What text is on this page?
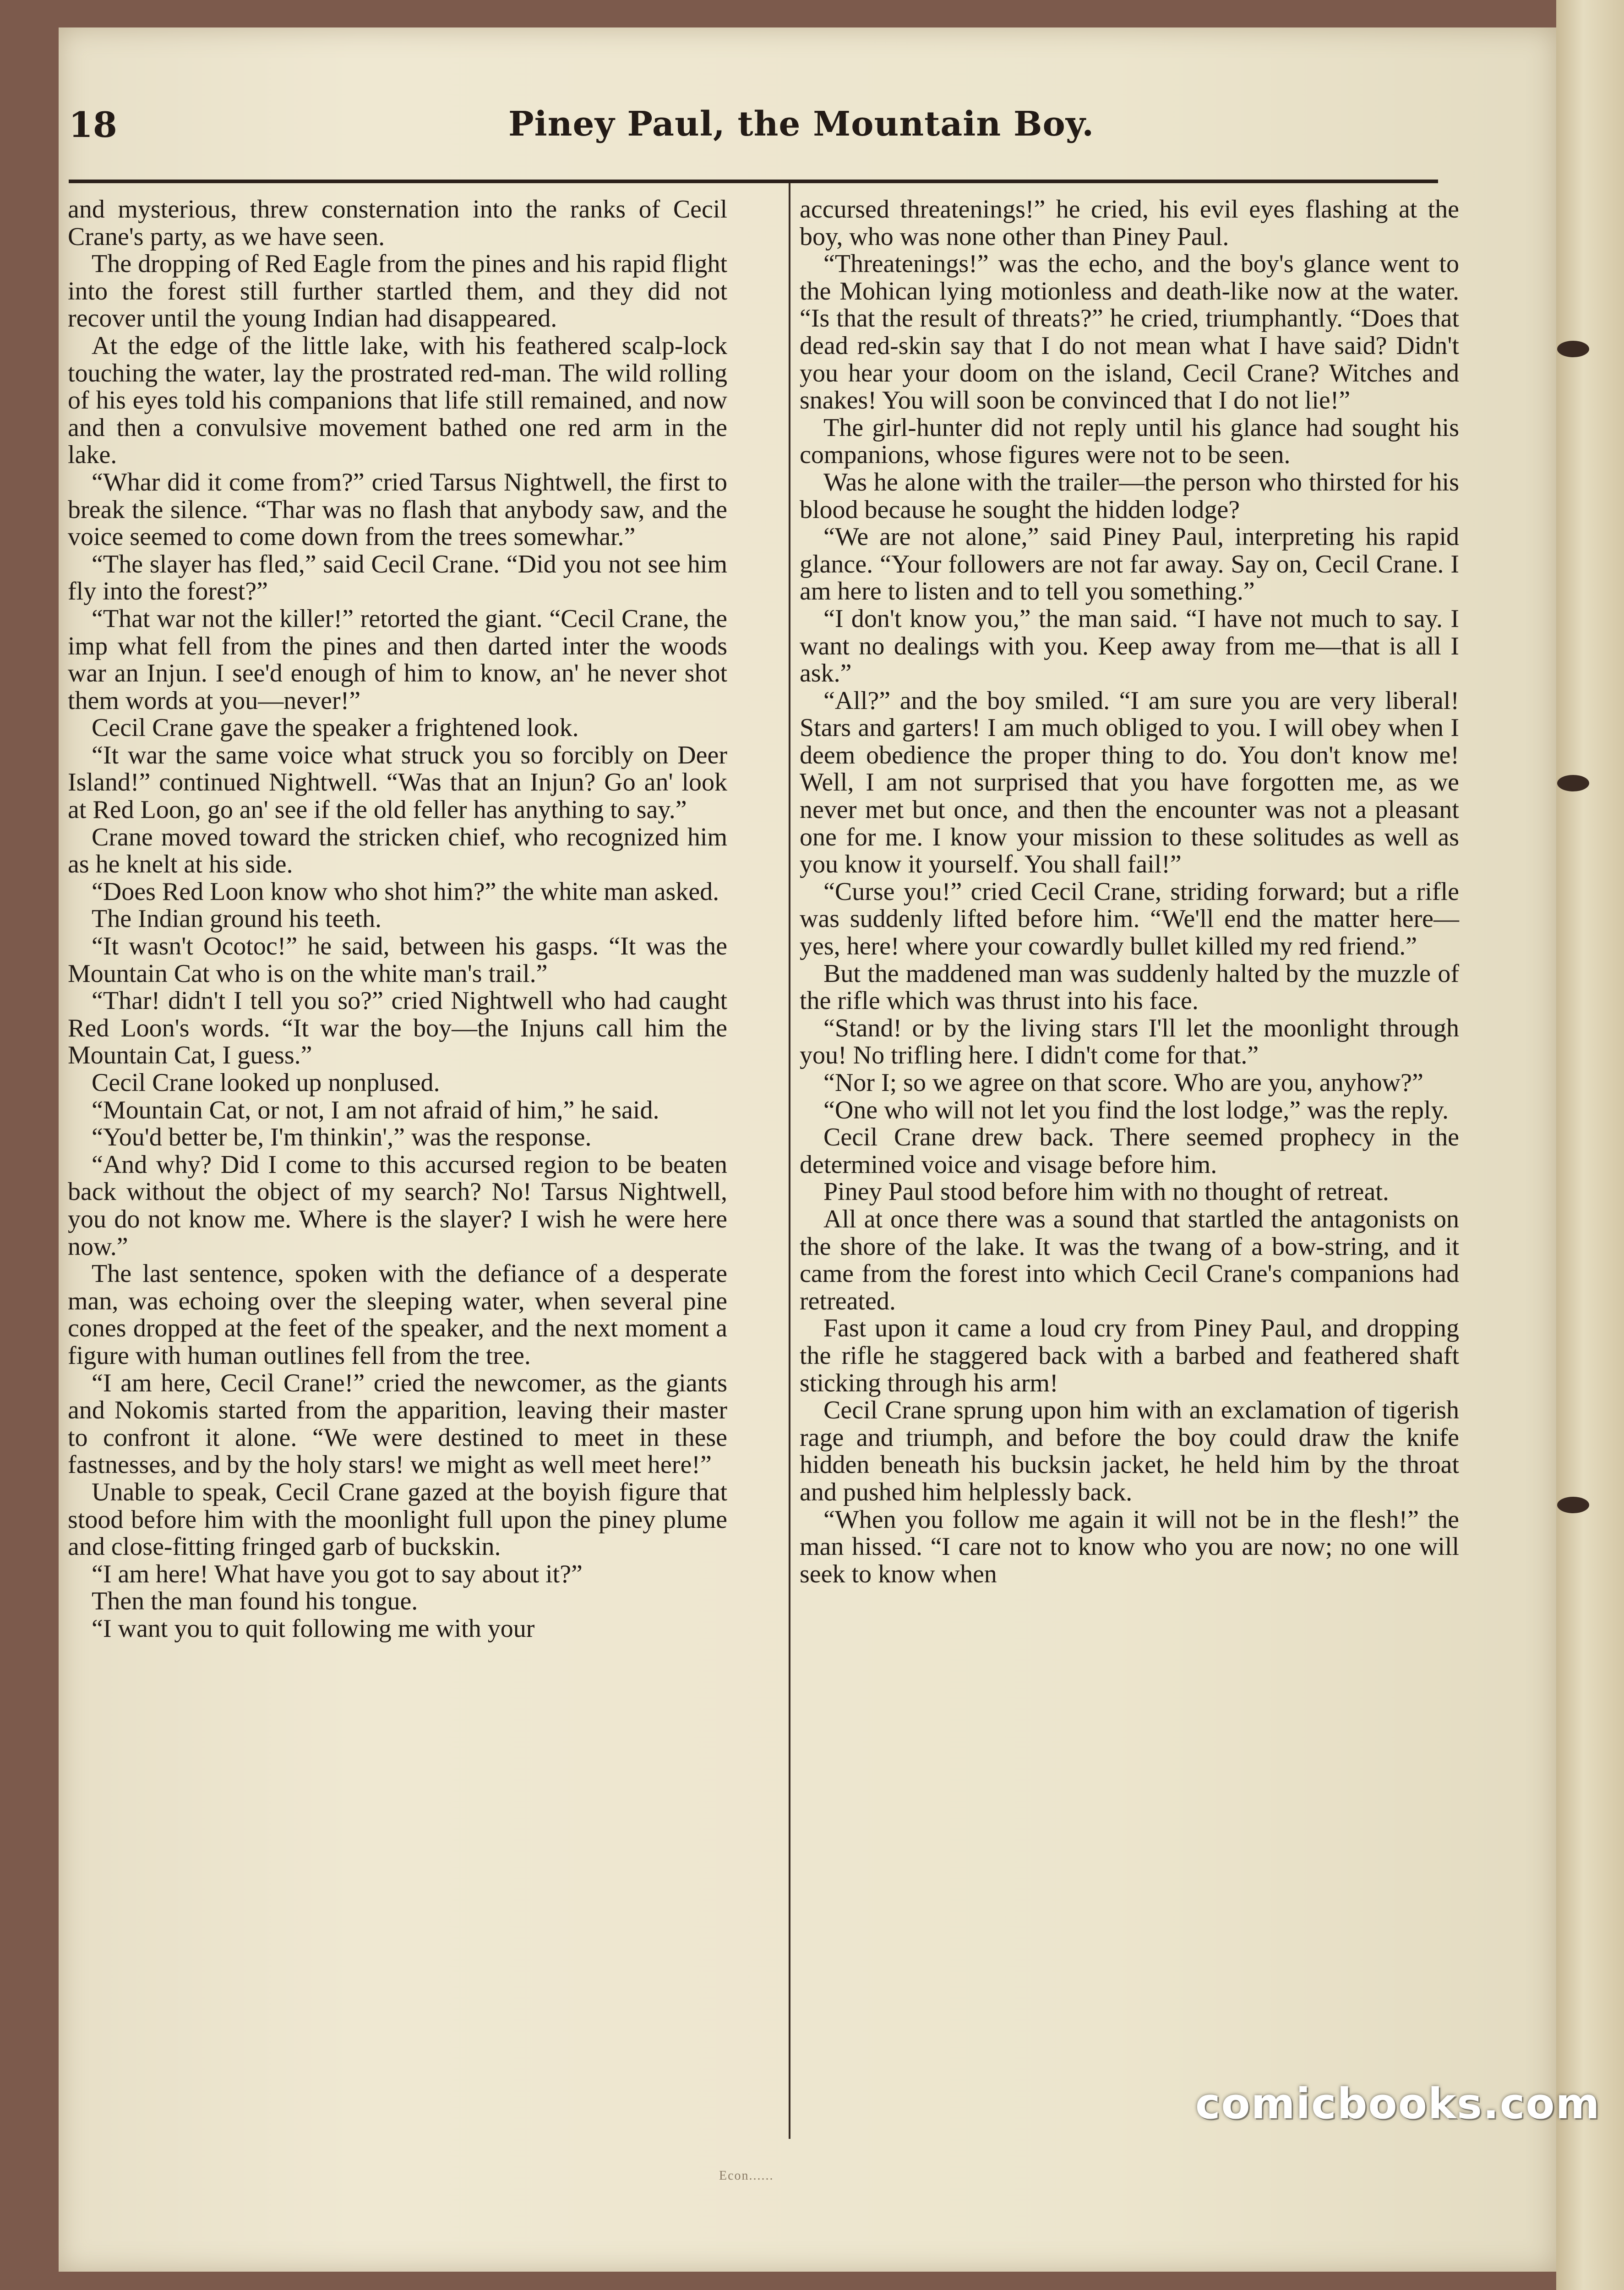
18	Piney Paul, the Mountain Boy.

and mysterious, threw consternation into the ranks of Cecil Crane's party, as we have seen.

The dropping of Red Eagle from the pines and his rapid flight into the forest still further startled them, and they did not recover until the young Indian had disappeared.

At the edge of the little lake, with his feathered scalp-lock touching the water, lay the prostrated red-man. The wild rolling of his eyes told his companions that life still remained, and now and then a convulsive movement bathed one red arm in the lake.

“Whar did it come from?” cried Tarsus Nightwell, the first to break the silence. “Thar was no flash that anybody saw, and the voice seemed to come down from the trees somewhar.”

“The slayer has fled,” said Cecil Crane. “Did you not see him fly into the forest?”

“That war not the killer!” retorted the giant. “Cecil Crane, the imp what fell from the pines and then darted inter the woods war an Injun. I see'd enough of him to know, an' he never shot them words at you—never!”

Cecil Crane gave the speaker a frightened look.

“It war the same voice what struck you so forcibly on Deer Island!” continued Nightwell. “Was that an Injun? Go an' look at Red Loon, go an' see if the old feller has anything to say.”

Crane moved toward the stricken chief, who recognized him as he knelt at his side.

“Does Red Loon know who shot him?” the white man asked.

The Indian ground his teeth.

“It wasn't Ocotoc!” he said, between his gasps. “It was the Mountain Cat who is on the white man's trail.”

“Thar! didn't I tell you so?” cried Nightwell who had caught Red Loon's words. “It war the boy—the Injuns call him the Mountain Cat, I guess.”

Cecil Crane looked up nonplused.

“Mountain Cat, or not, I am not afraid of him,” he said.

“You'd better be, I'm thinkin',” was the response.

“And why? Did I come to this accursed region to be beaten back without the object of my search? No! Tarsus Nightwell, you do not know me. Where is the slayer? I wish he were here now.”

The last sentence, spoken with the defiance of a desperate man, was echoing over the sleeping water, when several pine cones dropped at the feet of the speaker, and the next moment a figure with human outlines fell from the tree.

“I am here, Cecil Crane!” cried the newcomer, as the giants and Nokomis started from the apparition, leaving their master to confront it alone. “We were destined to meet in these fastnesses, and by the holy stars! we might as well meet here!”

Unable to speak, Cecil Crane gazed at the boyish figure that stood before him with the moonlight full upon the piney plume and close-fitting fringed garb of buckskin.

“I am here! What have you got to say about it?”

Then the man found his tongue.

“I want you to quit following me with your

accursed threatenings!” he cried, his evil eyes flashing at the boy, who was none other than Piney Paul.

“Threatenings!” was the echo, and the boy's glance went to the Mohican lying motionless and death-like now at the water. “Is that the result of threats?” he cried, triumphantly. “Does that dead red-skin say that I do not mean what I have said? Didn't you hear your doom on the island, Cecil Crane? Witches and snakes! You will soon be convinced that I do not lie!”

The girl-hunter did not reply until his glance had sought his companions, whose figures were not to be seen.

Was he alone with the trailer—the person who thirsted for his blood because he sought the hidden lodge?

“We are not alone,” said Piney Paul, interpreting his rapid glance. “Your followers are not far away. Say on, Cecil Crane. I am here to listen and to tell you something.”

“I don't know you,” the man said. “I have not much to say. I want no dealings with you. Keep away from me—that is all I ask.”

“All?” and the boy smiled. “I am sure you are very liberal! Stars and garters! I am much obliged to you. I will obey when I deem obedience the proper thing to do. You don't know me! Well, I am not surprised that you have forgotten me, as we never met but once, and then the encounter was not a pleasant one for me. I know your mission to these solitudes as well as you know it yourself. You shall fail!”

“Curse you!” cried Cecil Crane, striding forward; but a rifle was suddenly lifted before him. “We'll end the matter here—yes, here! where your cowardly bullet killed my red friend.”

But the maddened man was suddenly halted by the muzzle of the rifle which was thrust into his face.

“Stand! or by the living stars I'll let the moonlight through you! No trifling here. I didn't come for that.”

“Nor I; so we agree on that score. Who are you, anyhow?”

“One who will not let you find the lost lodge,” was the reply.

Cecil Crane drew back. There seemed prophecy in the determined voice and visage before him.

Piney Paul stood before him with no thought of retreat.

All at once there was a sound that startled the antagonists on the shore of the lake. It was the twang of a bow-string, and it came from the forest into which Cecil Crane's companions had retreated.

Fast upon it came a loud cry from Piney Paul, and dropping the rifle he staggered back with a barbed and feathered shaft sticking through his arm!

Cecil Crane sprung upon him with an exclamation of tigerish rage and triumph, and before the boy could draw the knife hidden beneath his bucksin jacket, he held him by the throat and pushed him helplessly back.

“When you follow me again it will not be in the flesh!” the man hissed. “I care not to know who you are now; no one will seek to know when

Econ......
comicbooks.com
